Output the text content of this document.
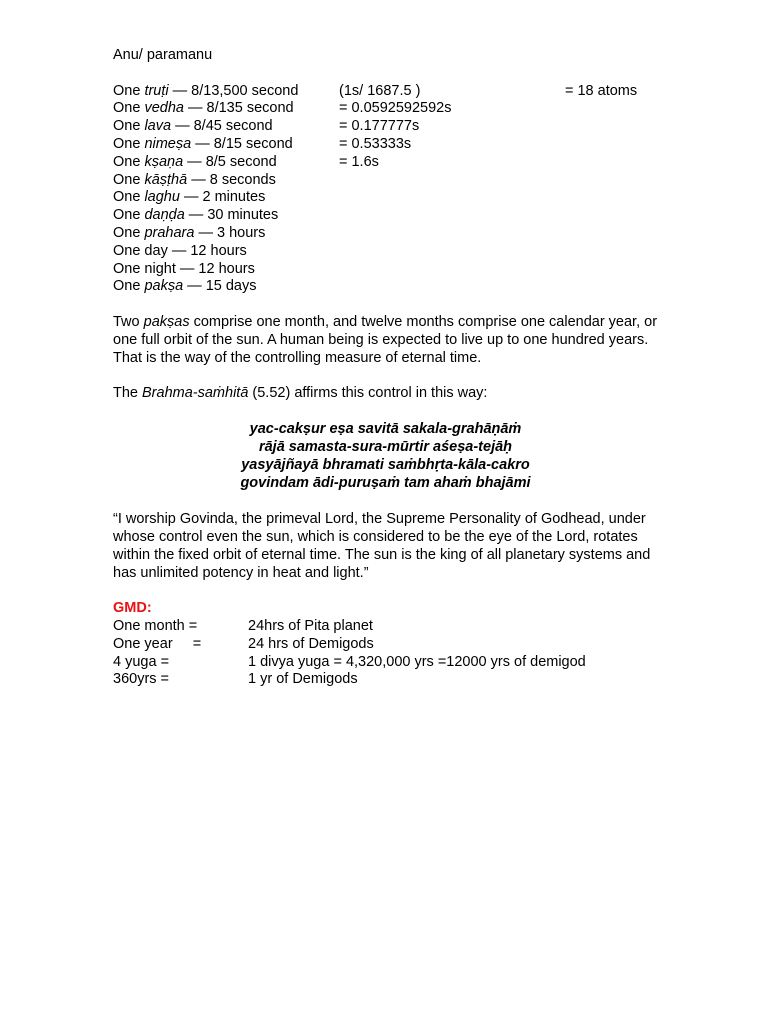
Anu/ paramanu
One truṭi — 8/13,500 second	(1s/ 1687.5 )	= 18 atoms
One vedha — 8/135 second	= 0.0592592592s
One lava — 8/45 second	= 0.177777s
One nimeṣa — 8/15 second	= 0.53333s
One kṣaṇa — 8/5 second	= 1.6s
One kāṣṭhā — 8 seconds
One laghu — 2 minutes
One daṇḍa — 30 minutes
One prahara — 3 hours
One day — 12 hours
One night — 12 hours
One pakṣa — 15 days
Two pakṣas comprise one month, and twelve months comprise one calendar year, or one full orbit of the sun. A human being is expected to live up to one hundred years. That is the way of the controlling measure of eternal time.
The Brahma-saṁhitā (5.52) affirms this control in this way:
yac-cakṣur eṣa savitā sakala-grahāṇāṁ
rājā samasta-sura-mūrtir aśeṣa-tejāḥ
yasyājñayā bhramati saṁbhṛta-kāla-cakro
govindam ādi-puruṣaṁ tam ahaṁ bhajāmi
“I worship Govinda, the primeval Lord, the Supreme Personality of Godhead, under whose control even the sun, which is considered to be the eye of the Lord, rotates within the fixed orbit of eternal time. The sun is the king of all planetary systems and has unlimited potency in heat and light.”
GMD:
One month =	24hrs of Pita planet
One year     =	24 hrs of Demigods
4 yuga =	1 divya yuga = 4,320,000 yrs =12000 yrs of demigod
360yrs =	1 yr of Demigods
